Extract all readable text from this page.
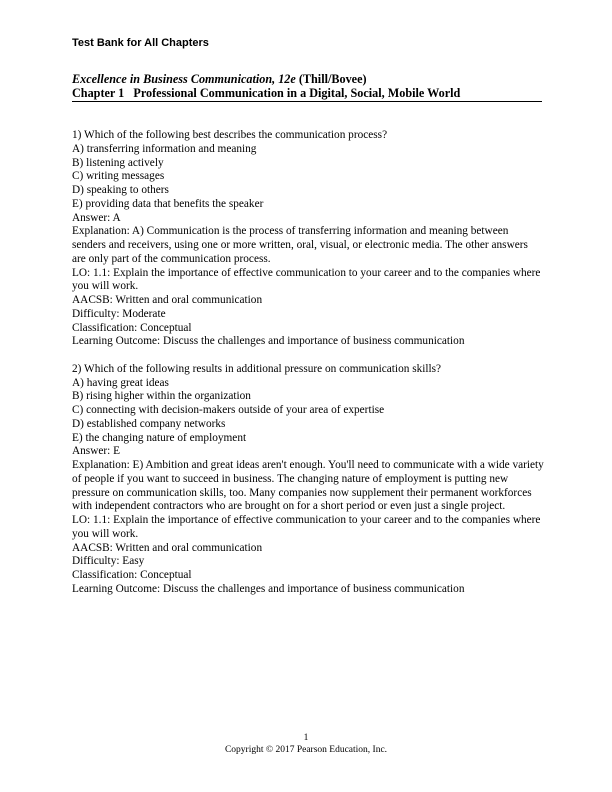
Test Bank for All Chapters
Excellence in Business Communication, 12e (Thill/Bovee)
Chapter 1   Professional Communication in a Digital, Social, Mobile World
1) Which of the following best describes the communication process?
A) transferring information and meaning
B) listening actively
C) writing messages
D) speaking to others
E) providing data that benefits the speaker
Answer: A
Explanation: A) Communication is the process of transferring information and meaning between senders and receivers, using one or more written, oral, visual, or electronic media. The other answers are only part of the communication process.
LO: 1.1: Explain the importance of effective communication to your career and to the companies where you will work.
AACSB: Written and oral communication
Difficulty: Moderate
Classification: Conceptual
Learning Outcome: Discuss the challenges and importance of business communication
2) Which of the following results in additional pressure on communication skills?
A) having great ideas
B) rising higher within the organization
C) connecting with decision-makers outside of your area of expertise
D) established company networks
E) the changing nature of employment
Answer: E
Explanation: E) Ambition and great ideas aren't enough. You'll need to communicate with a wide variety of people if you want to succeed in business. The changing nature of employment is putting new pressure on communication skills, too. Many companies now supplement their permanent workforces with independent contractors who are brought on for a short period or even just a single project.
LO: 1.1: Explain the importance of effective communication to your career and to the companies where you will work.
AACSB: Written and oral communication
Difficulty: Easy
Classification: Conceptual
Learning Outcome: Discuss the challenges and importance of business communication
1
Copyright © 2017 Pearson Education, Inc.
